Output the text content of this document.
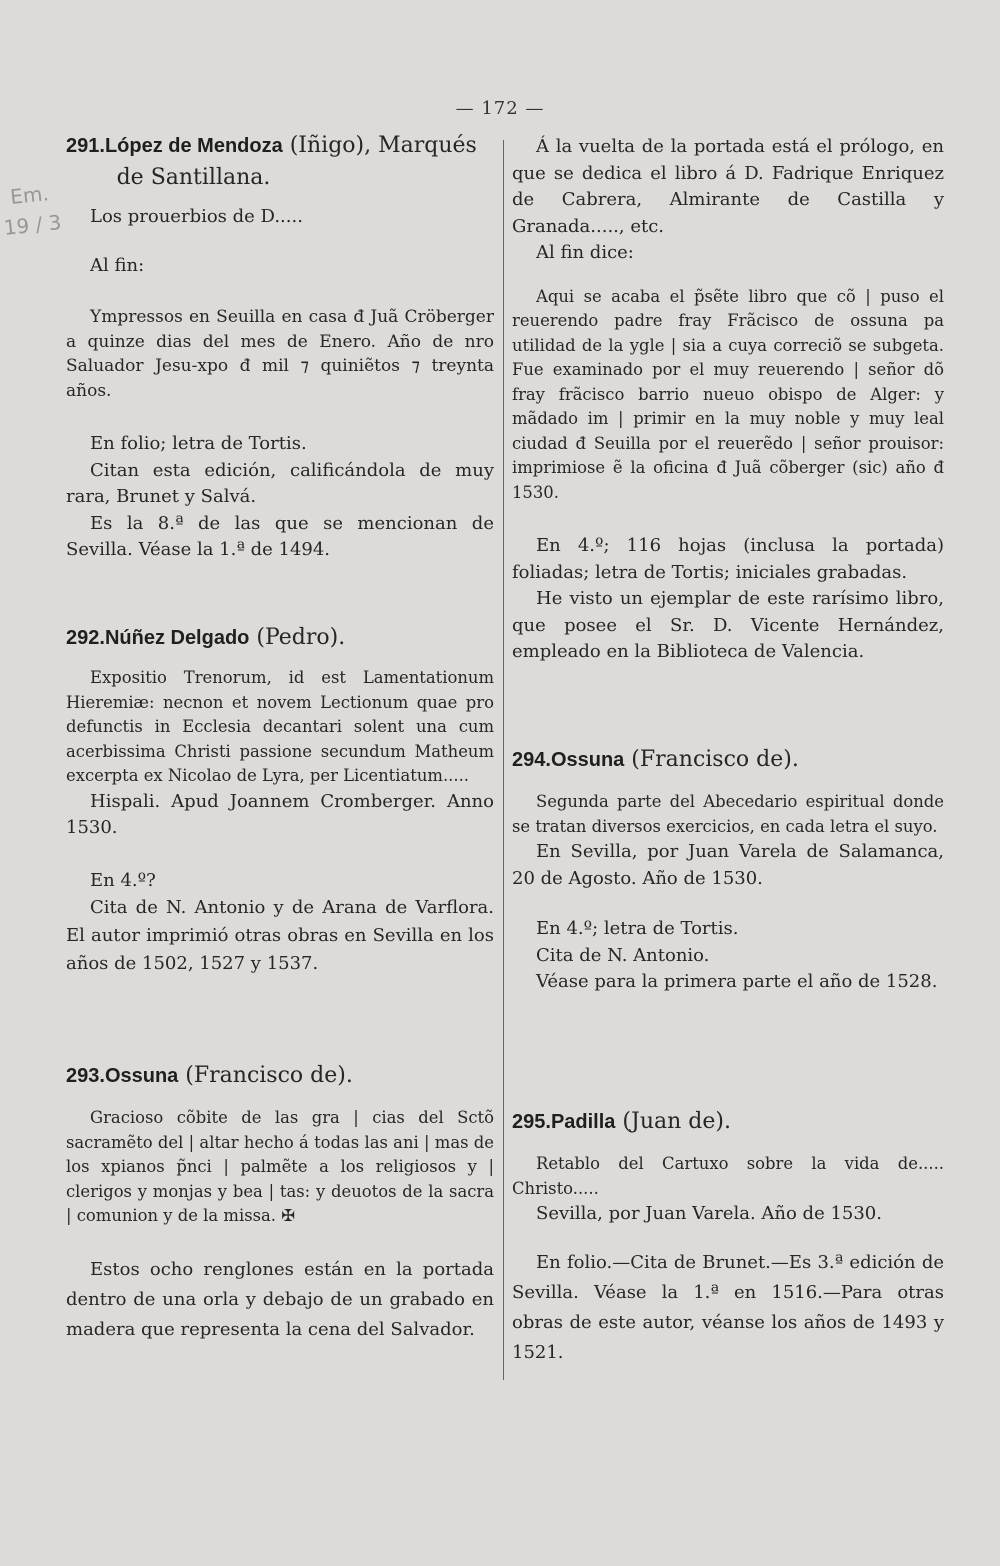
— 172 —
Em. 19 / 3

291.López de Mendoza (Iñigo), Marqués de Santillana.

Los prouerbios de D.....

Al fin:

Ympressos en Seuilla en casa đ Juã Cröberger a quinze dias del mes de Enero. Año de nro Saluador Jesu-xpo đ mil ⁊ quiniẽtos ⁊ treynta años.

En folio; letra de Tortis.

Citan esta edición, calificándola de muy rara, Brunet y Salvá.

Es la 8.ª de las que se mencionan de Sevilla. Véase la 1.ª de 1494.

292.Núñez Delgado (Pedro).

Expositio Trenorum, id est Lamentationum Hieremiæ: necnon et novem Lectionum quae pro defunctis in Ecclesia decantari solent una cum acerbissima Christi passione secundum Matheum excerpta ex Nicolao de Lyra, per Licentiatum.....

Hispali. Apud Joannem Cromberger. Anno 1530.

En 4.º?

Cita de N. Antonio y de Arana de Varflora. El autor imprimió otras obras en Sevilla en los años de 1502, 1527 y 1537.

293.Ossuna (Francisco de).

Gracioso cõbite de las gra | cias del Sctõ sacramẽto del | altar hecho á todas las ani | mas de los xpianos p̃nci | palmẽte a los religiosos y | clerigos y monjas y bea | tas: y deuotos de la sacra | comunion y de la missa. ✠

Estos ocho renglones están en la portada dentro de una orla y debajo de un grabado en madera que representa la cena del Salvador.

Á la vuelta de la portada está el prólogo, en que se dedica el libro á D. Fadrique Enriquez de Cabrera, Almirante de Castilla y Granada....., etc.

Al fin dice:

Aqui se acaba el p̃sẽte libro que cõ | puso el reuerendo padre fray Frãcisco de ossuna pa utilidad de la ygle | sia a cuya correciõ se subgeta. Fue examinado por el muy reuerendo | señor dõ fray frãcisco barrio nueuo obispo de Alger: y mãdado im | primir en la muy noble y muy leal ciudad đ Seuilla por el reuerẽdo | señor prouisor: imprimiose ẽ la oficina đ Juã cõberger (sic) año đ 1530.

En 4.º; 116 hojas (inclusa la portada) foliadas; letra de Tortis; iniciales grabadas.

He visto un ejemplar de este rarísimo libro, que posee el Sr. D. Vicente Hernández, empleado en la Biblioteca de Valencia.

294.Ossuna (Francisco de).

Segunda parte del Abecedario espiritual donde se tratan diversos exercicios, en cada letra el suyo.

En Sevilla, por Juan Varela de Salamanca, 20 de Agosto. Año de 1530.

En 4.º; letra de Tortis.

Cita de N. Antonio.

Véase para la primera parte el año de 1528.

295.Padilla (Juan de).

Retablo del Cartuxo sobre la vida de..... Christo.....

Sevilla, por Juan Varela. Año de 1530.

En folio.—Cita de Brunet.—Es 3.ª edición de Sevilla. Véase la 1.ª en 1516.—Para otras obras de este autor, véanse los años de 1493 y 1521.
